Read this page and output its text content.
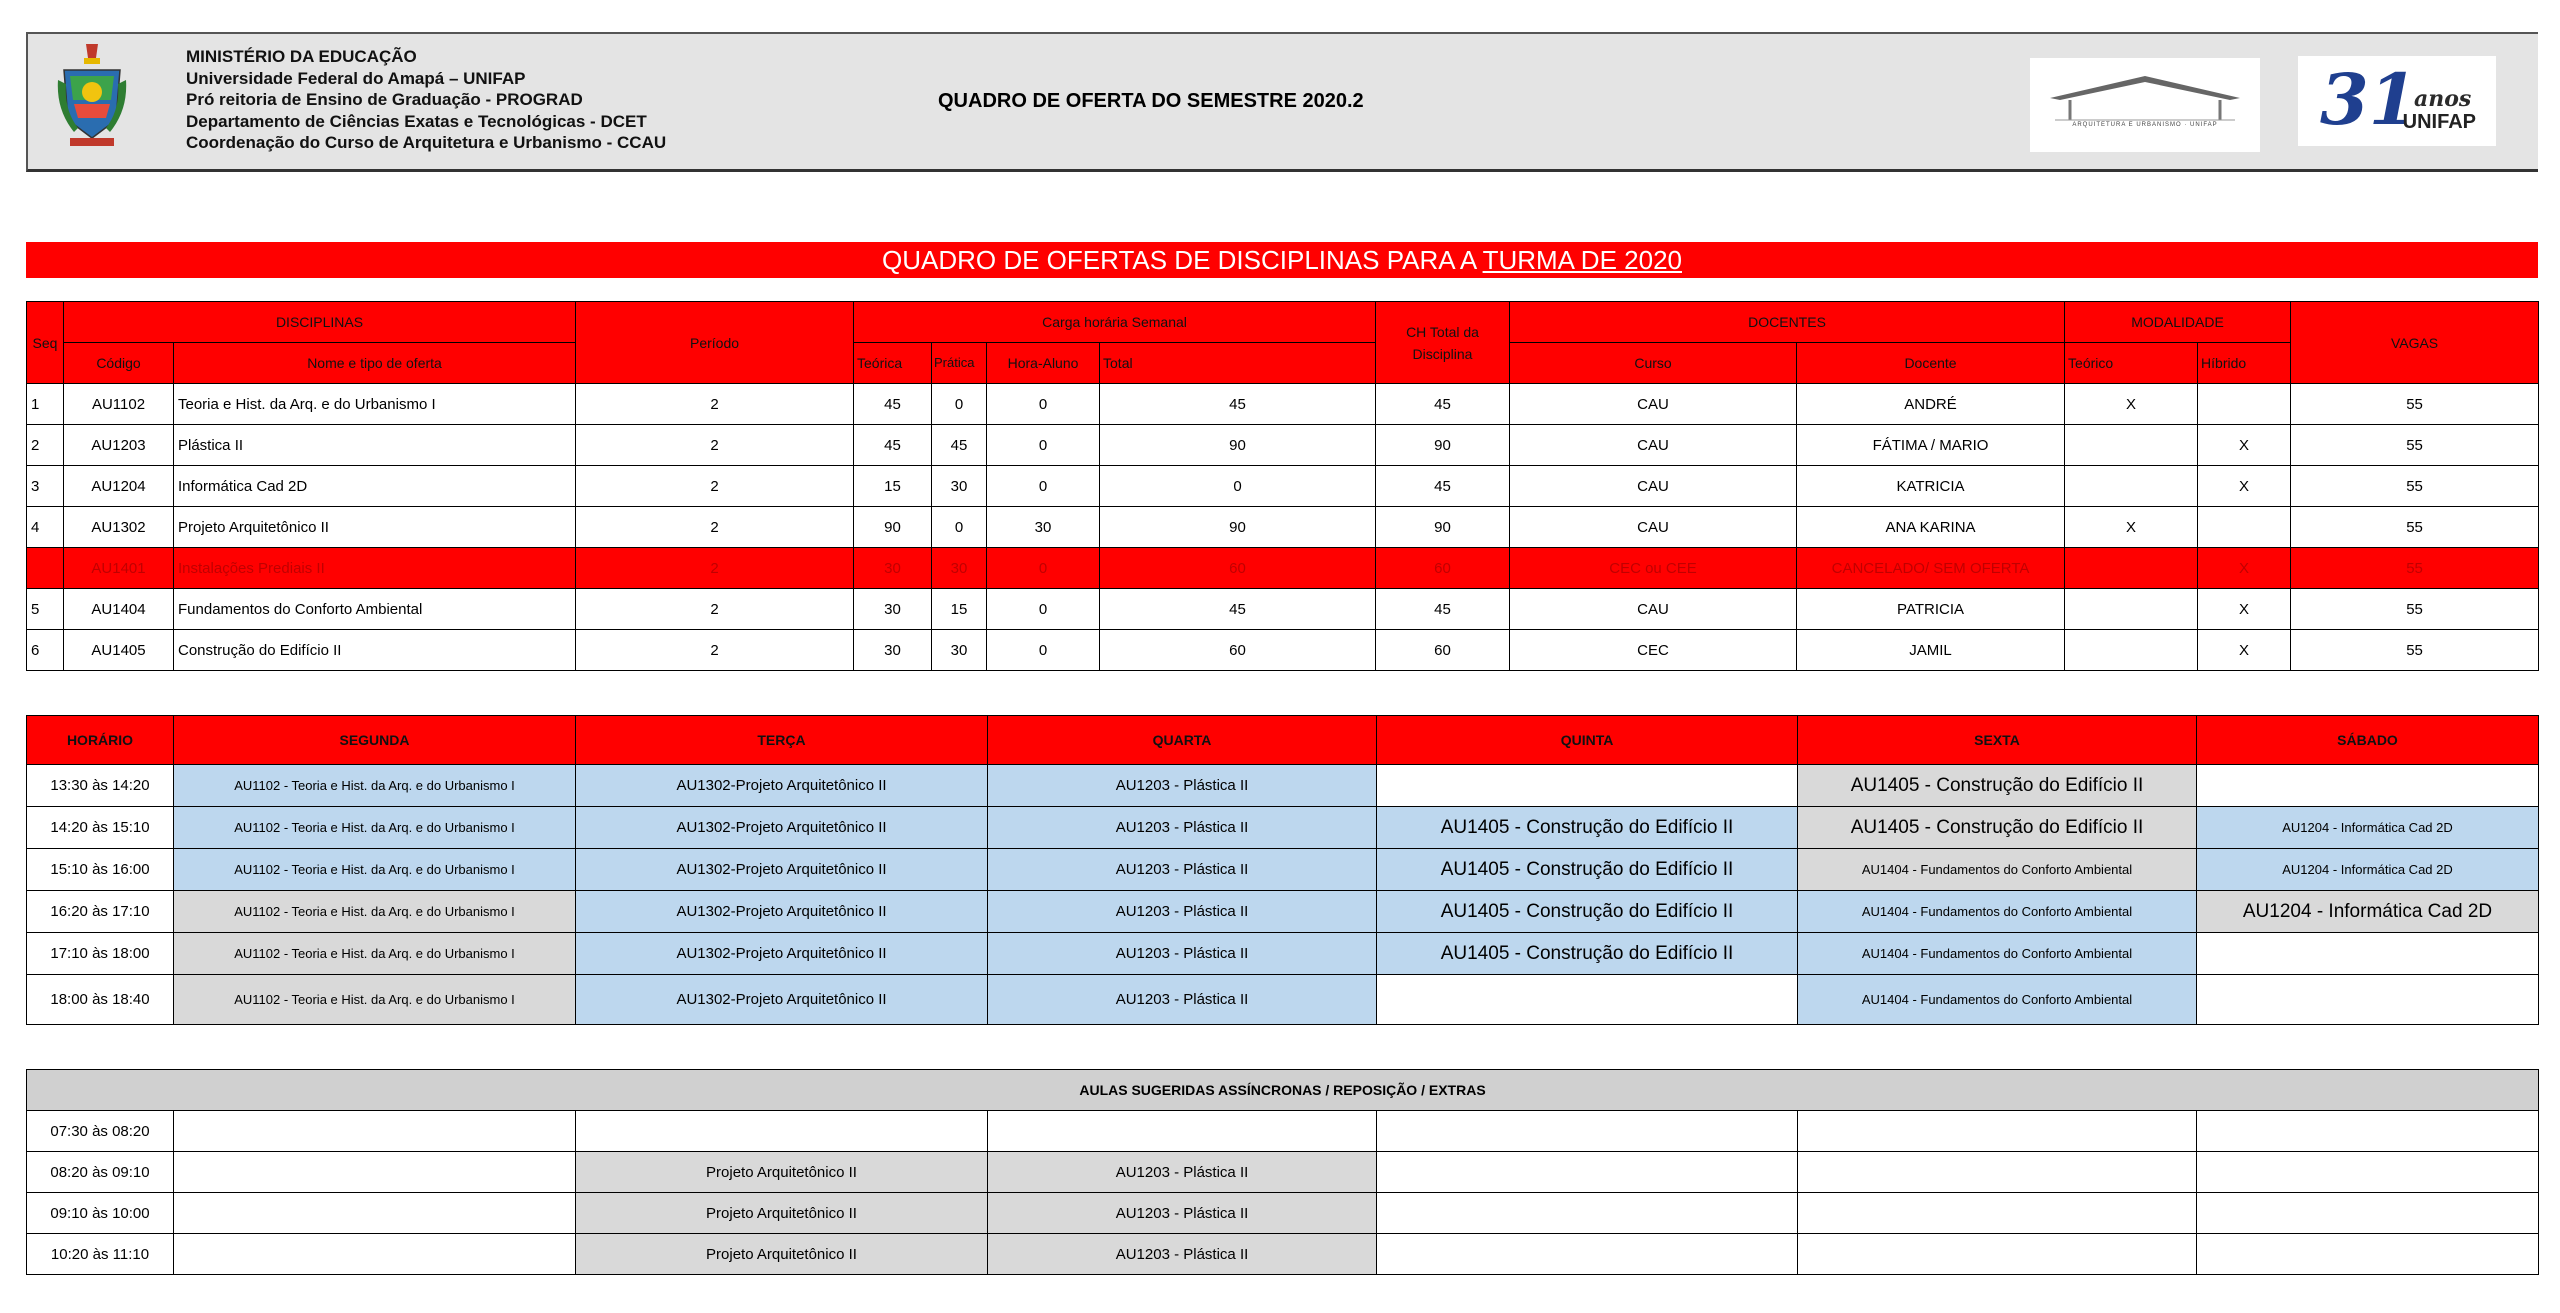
MINISTÉRIO DA EDUCAÇÃO
Universidade Federal do Amapá – UNIFAP
Pró reitoria de Ensino de Graduação - PROGRAD
Departamento de Ciências Exatas e Tecnológicas - DCET
Coordenação do Curso de Arquitetura e Urbanismo - CCAU
QUADRO DE OFERTA DO SEMESTRE 2020.2
ARQUITETURA E URBANISMO · UNIFAP	31
anos
UNIFAP
QUADRO DE OFERTAS DE DISCIPLINAS PARA A TURMA DE 2020
Seq	DISCIPLINAS		Período	Carga horária Semanal				CH Total da Disciplina	DOCENTES		MODALIDADE		VAGAS
	Código	Nome e tipo de oferta		Teórica	Prática	Hora-Aluno	Total		Curso	Docente	Teórico	Híbrido	
1	AU1102	Teoria e Hist. da Arq. e do Urbanismo I	2	45	0	0	45	45	CAU	ANDRÉ	X		55
2	AU1203	Plástica II	2	45	45	0	90	90	CAU	FÁTIMA / MARIO		X	55
3	AU1204	Informática Cad 2D	2	15	30	0	0	45	CAU	KATRICIA		X	55
4	AU1302	Projeto Arquitetônico II	2	90	0	30	90	90	CAU	ANA KARINA	X		55
	AU1401	Instalações Prediais II	2	30	30	0	60	60	CEC ou CEE	CANCELADO/ SEM OFERTA		X	55
5	AU1404	Fundamentos do Conforto Ambiental	2	30	15	0	45	45	CAU	PATRICIA		X	55
6	AU1405	Construção do Edifício II	2	30	30	0	60	60	CEC	JAMIL		X	55
HORÁRIO	SEGUNDA	TERÇA	QUARTA	QUINTA	SEXTA	SÁBADO
13:30 às 14:20	AU1102 - Teoria e Hist. da Arq. e do Urbanismo I	AU1302-Projeto Arquitetônico II	AU1203 - Plástica II		AU1405 - Construção do Edifício II	
14:20 às 15:10	AU1102 - Teoria e Hist. da Arq. e do Urbanismo I	AU1302-Projeto Arquitetônico II	AU1203 - Plástica II	AU1405 - Construção do Edifício II	AU1405 - Construção do Edifício II	AU1204 - Informática Cad 2D
15:10 às 16:00	AU1102 - Teoria e Hist. da Arq. e do Urbanismo I	AU1302-Projeto Arquitetônico II	AU1203 - Plástica II	AU1405 - Construção do Edifício II	AU1404 - Fundamentos do Conforto Ambiental	AU1204 - Informática Cad 2D
16:20 às 17:10	AU1102 - Teoria e Hist. da Arq. e do Urbanismo I	AU1302-Projeto Arquitetônico II	AU1203 - Plástica II	AU1405 - Construção do Edifício II	AU1404 - Fundamentos do Conforto Ambiental	AU1204 - Informática Cad 2D
17:10 às 18:00	AU1102 - Teoria e Hist. da Arq. e do Urbanismo I	AU1302-Projeto Arquitetônico II	AU1203 - Plástica II	AU1405 - Construção do Edifício II	AU1404 - Fundamentos do Conforto Ambiental	
18:00 às 18:40	AU1102 - Teoria e Hist. da Arq. e do Urbanismo I	AU1302-Projeto Arquitetônico II	AU1203 - Plástica II		AU1404 - Fundamentos do Conforto Ambiental	
AULAS SUGERIDAS ASSÍNCRONAS / REPOSIÇÃO / EXTRAS						
07:30 às 08:20						
08:20 às 09:10		Projeto Arquitetônico II	AU1203 - Plástica II			
09:10 às 10:00		Projeto Arquitetônico II	AU1203 - Plástica II			
10:20 às 11:10		Projeto Arquitetônico II	AU1203 - Plástica II			
